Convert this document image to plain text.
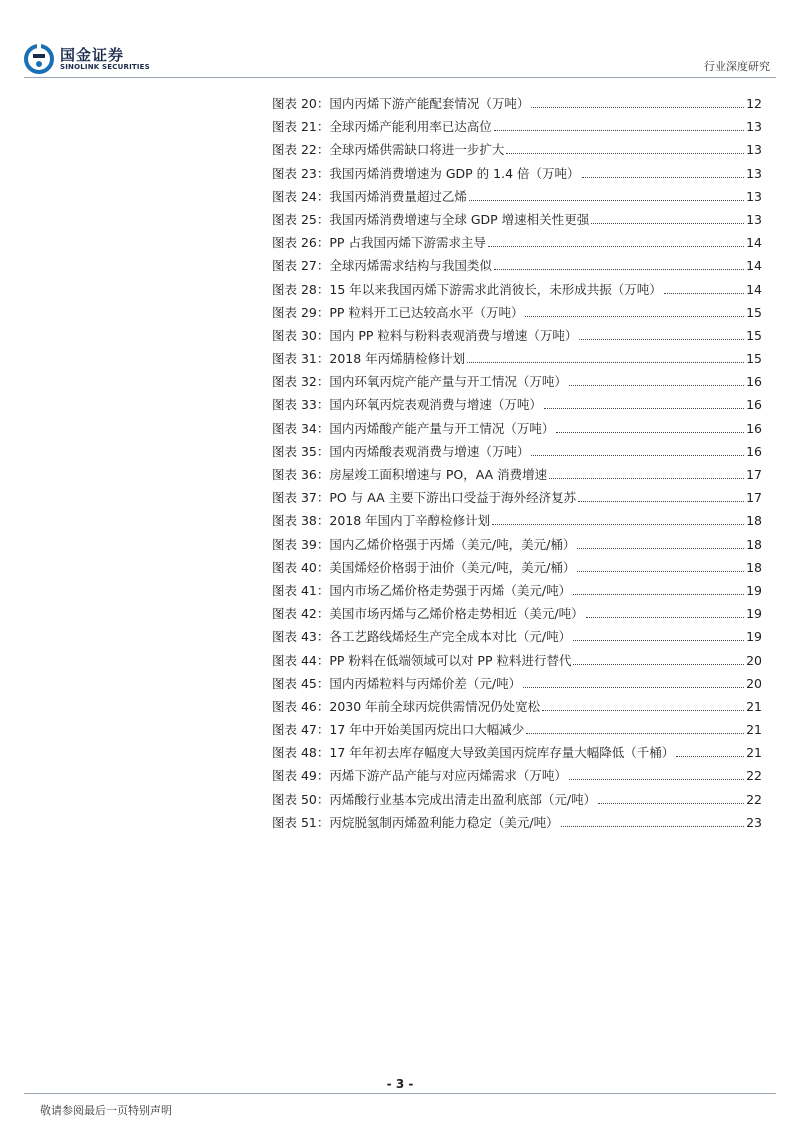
国金证券
SINOLINK SECURITIES	行业深度研究
图表 20： 国内丙烯下游产能配套情况（万吨）	12
图表 21： 全球丙烯产能利用率已达高位	13
图表 22： 全球丙烯供需缺口将进一步扩大	13
图表 23： 我国丙烯消费增速为 GDP 的 1.4 倍（万吨）	13
图表 24： 我国丙烯消费量超过乙烯	13
图表 25： 我国丙烯消费增速与全球 GDP 增速相关性更强	13
图表 26： PP 占我国丙烯下游需求主导	14
图表 27： 全球丙烯需求结构与我国类似	14
图表 28： 15 年以来我国丙烯下游需求此消彼长，未形成共振（万吨）	14
图表 29： PP 粒料开工已达较高水平（万吨）	15
图表 30： 国内 PP 粒料与粉料表观消费与增速（万吨）	15
图表 31： 2018 年丙烯腈检修计划	15
图表 32： 国内环氧丙烷产能产量与开工情况（万吨）	16
图表 33： 国内环氧丙烷表观消费与增速（万吨）	16
图表 34： 国内丙烯酸产能产量与开工情况（万吨）	16
图表 35： 国内丙烯酸表观消费与增速（万吨）	16
图表 36： 房屋竣工面积增速与 PO，AA 消费增速	17
图表 37： PO 与 AA 主要下游出口受益于海外经济复苏	17
图表 38： 2018 年国内丁辛醇检修计划	18
图表 39： 国内乙烯价格强于丙烯（美元/吨，美元/桶）	18
图表 40： 美国烯烃价格弱于油价（美元/吨，美元/桶）	18
图表 41： 国内市场乙烯价格走势强于丙烯（美元/吨）	19
图表 42： 美国市场丙烯与乙烯价格走势相近（美元/吨）	19
图表 43： 各工艺路线烯烃生产完全成本对比（元/吨）	19
图表 44： PP 粉料在低端领域可以对 PP 粒料进行替代	20
图表 45： 国内丙烯粒料与丙烯价差（元/吨）	20
图表 46： 2030 年前全球丙烷供需情况仍处宽松	21
图表 47： 17 年中开始美国丙烷出口大幅减少	21
图表 48： 17 年年初去库存幅度大导致美国丙烷库存量大幅降低（千桶）	21
图表 49： 丙烯下游产品产能与对应丙烯需求（万吨）	22
图表 50： 丙烯酸行业基本完成出清走出盈利底部（元/吨）	22
图表 51： 丙烷脱氢制丙烯盈利能力稳定（美元/吨）	23
- 3 -
敬请参阅最后一页特别声明
